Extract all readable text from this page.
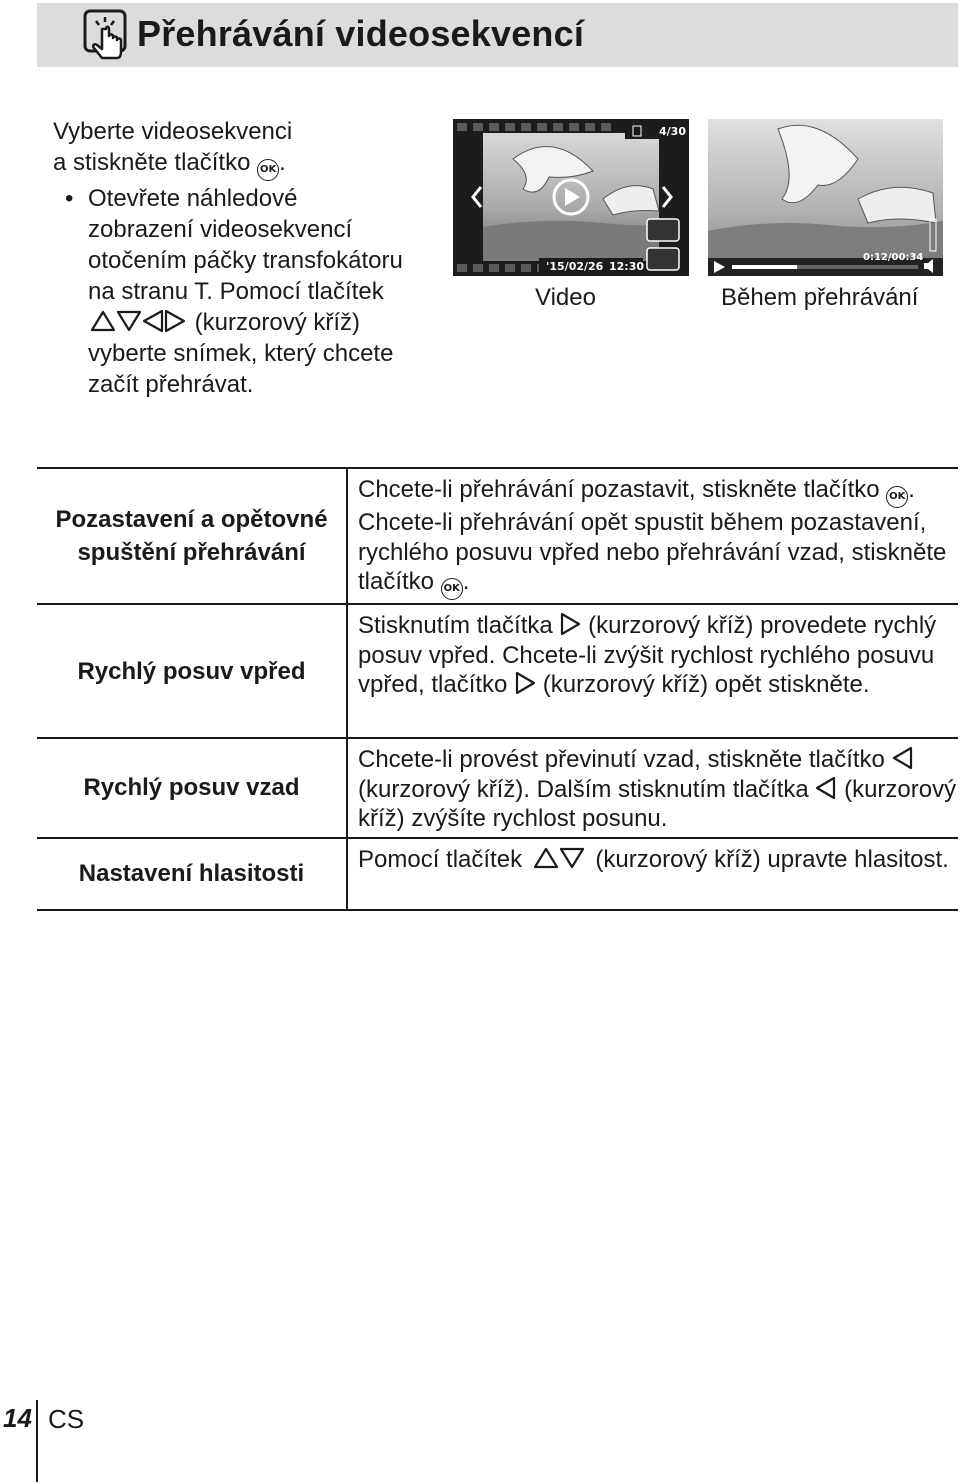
Přehrávání videosekvencí

Vyberte videosekvenci

a stiskněte tlačítko OK .

• Otevřete náhledové zobrazení videosekvencí otočením páčky transfokátoru na stranu T. Pomocí tlačítek  (kurzorový kříž) vyberte snímek, který chcete začít přehrávat.
4/30
'15/02/26 12:30
Video
0:12/00:34
Během přehrávání
Pozastavení a opětovné spuštění přehrávání	Chcete-li přehrávání pozastavit, stiskněte tlačítko OK . Chcete-li přehrávání opět spustit během pozastavení, rychlého posuvu vpřed nebo přehrávání vzad, stiskněte tlačítko OK .
Rychlý posuv vpřed	Stisknutím tlačítka (kurzorový kříž) provedete rychlý posuv vpřed. Chcete-li zvýšit rychlost rychlého posuvu vpřed, tlačítko (kurzorový kříž) opět stiskněte.
Rychlý posuv vzad	Chcete-li provést převinutí vzad, stiskněte tlačítko  (kurzorový kříž). Dalším stisknutím tlačítka (kurzorový kříž) zvýšíte rychlost posunu.
Nastavení hlasitosti	Pomocí tlačítek (kurzorový kříž) upravte hlasitost.
14 CS
